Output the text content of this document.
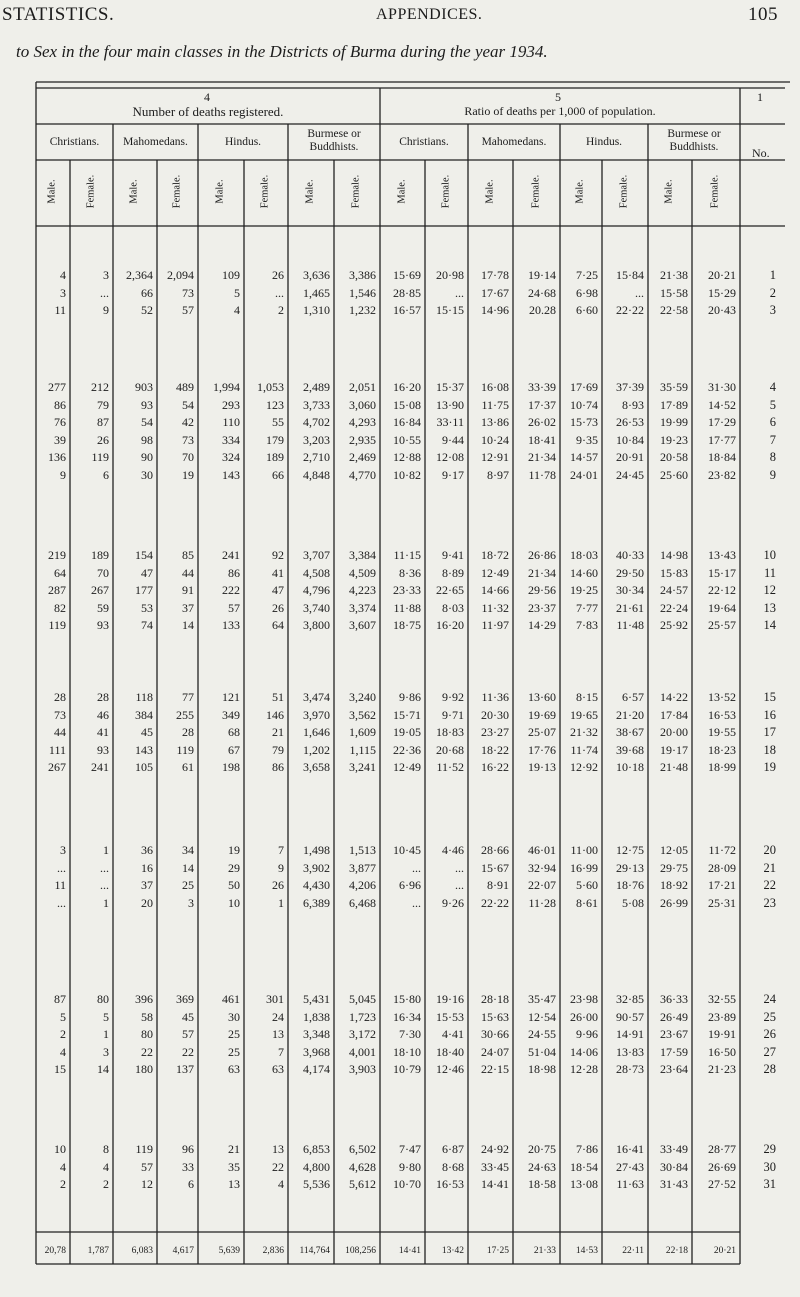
STATISTICS.	APPENDICES.	105
to Sex in the four main classes in the Districts of Burma during the year 1934.
4	5	1
Number of deaths registered.	Ratio of deaths per 1,000 of population.
Christians.	Mahomedans.	Hindus.
Burmese or Buddhists.	Christians.	Mahomedans.	Hindus.
Burmese or Buddhists.	No.
Male.	Female.	Male.	Female.	Male.	Female.	Male.	Female.	Male.	Female.	Male.	Female.	Male.	Female.	Male.	Female.
4	3	2,364	2,094	109	26	3,636	3,386	15·69	20·98	17·78	19·14	7·25	15·84	21·38	20·21	1
3	...	66	73	5	...	1,465	1,546	28·85	...	17·67	24·68	6·98	...	15·58	15·29	2
11	9	52	57	4	2	1,310	1,232	16·57	15·15	14·96	20.28	6·60	22·22	22·58	20·43	3
277	212	903	489	1,994	1,053	2,489	2,051	16·20	15·37	16·08	33·39	17·69	37·39	35·59	31·30	4
86	79	93	54	293	123	3,733	3,060	15·08	13·90	11·75	17·37	10·74	8·93	17·89	14·52	5
76	87	54	42	110	55	4,702	4,293	16·84	33·11	13·86	26·02	15·73	26·53	19·99	17·29	6
39	26	98	73	334	179	3,203	2,935	10·55	9·44	10·24	18·41	9·35	10·84	19·23	17·77	7
136	119	90	70	324	189	2,710	2,469	12·88	12·08	12·91	21·34	14·57	20·91	20·58	18·84	8
9	6	30	19	143	66	4,848	4,770	10·82	9·17	8·97	11·78	24·01	24·45	25·60	23·82	9
219	189	154	85	241	92	3,707	3,384	11·15	9·41	18·72	26·86	18·03	40·33	14·98	13·43	10
64	70	47	44	86	41	4,508	4,509	8·36	8·89	12·49	21·34	14·60	29·50	15·83	15·17	11
287	267	177	91	222	47	4,796	4,223	23·33	22·65	14·66	29·56	19·25	30·34	24·57	22·12	12
82	59	53	37	57	26	3,740	3,374	11·88	8·03	11·32	23·37	7·77	21·61	22·24	19·64	13
119	93	74	14	133	64	3,800	3,607	18·75	16·20	11·97	14·29	7·83	11·48	25·92	25·57	14
28	28	118	77	121	51	3,474	3,240	9·86	9·92	11·36	13·60	8·15	6·57	14·22	13·52	15
73	46	384	255	349	146	3,970	3,562	15·71	9·71	20·30	19·69	19·65	21·20	17·84	16·53	16
44	41	45	28	68	21	1,646	1,609	19·05	18·83	23·27	25·07	21·32	38·67	20·00	19·55	17
111	93	143	119	67	79	1,202	1,115	22·36	20·68	18·22	17·76	11·74	39·68	19·17	18·23	18
267	241	105	61	198	86	3,658	3,241	12·49	11·52	16·22	19·13	12·92	10·18	21·48	18·99	19
3	1	36	34	19	7	1,498	1,513	10·45	4·46	28·66	46·01	11·00	12·75	12·05	11·72	20
...	...	16	14	29	9	3,902	3,877	...	...	15·67	32·94	16·99	29·13	29·75	28·09	21
11	...	37	25	50	26	4,430	4,206	6·96	...	8·91	22·07	5·60	18·76	18·92	17·21	22
...	1	20	3	10	1	6,389	6,468	...	9·26	22·22	11·28	8·61	5·08	26·99	25·31	23
87	80	396	369	461	301	5,431	5,045	15·80	19·16	28·18	35·47	23·98	32·85	36·33	32·55	24
5	5	58	45	30	24	1,838	1,723	16·34	15·53	15·63	12·54	26·00	90·57	26·49	23·89	25
2	1	80	57	25	13	3,348	3,172	7·30	4·41	30·66	24·55	9·96	14·91	23·67	19·91	26
4	3	22	22	25	7	3,968	4,001	18·10	18·40	24·07	51·04	14·06	13·83	17·59	16·50	27
15	14	180	137	63	63	4,174	3,903	10·79	12·46	22·15	18·98	12·28	28·73	23·64	21·23	28
10	8	119	96	21	13	6,853	6,502	7·47	6·87	24·92	20·75	7·86	16·41	33·49	28·77	29
4	4	57	33	35	22	4,800	4,628	9·80	8·68	33·45	24·63	18·54	27·43	30·84	26·69	30
2	2	12	6	13	4	5,536	5,612	10·70	16·53	14·41	18·58	13·08	11·63	31·43	27·52	31
20,78	1,787	6,083	4,617	5,639	2,836	114,764	108,256	14·41	13·42	17·25	21·33	14·53	22·11	22·18	20·21
